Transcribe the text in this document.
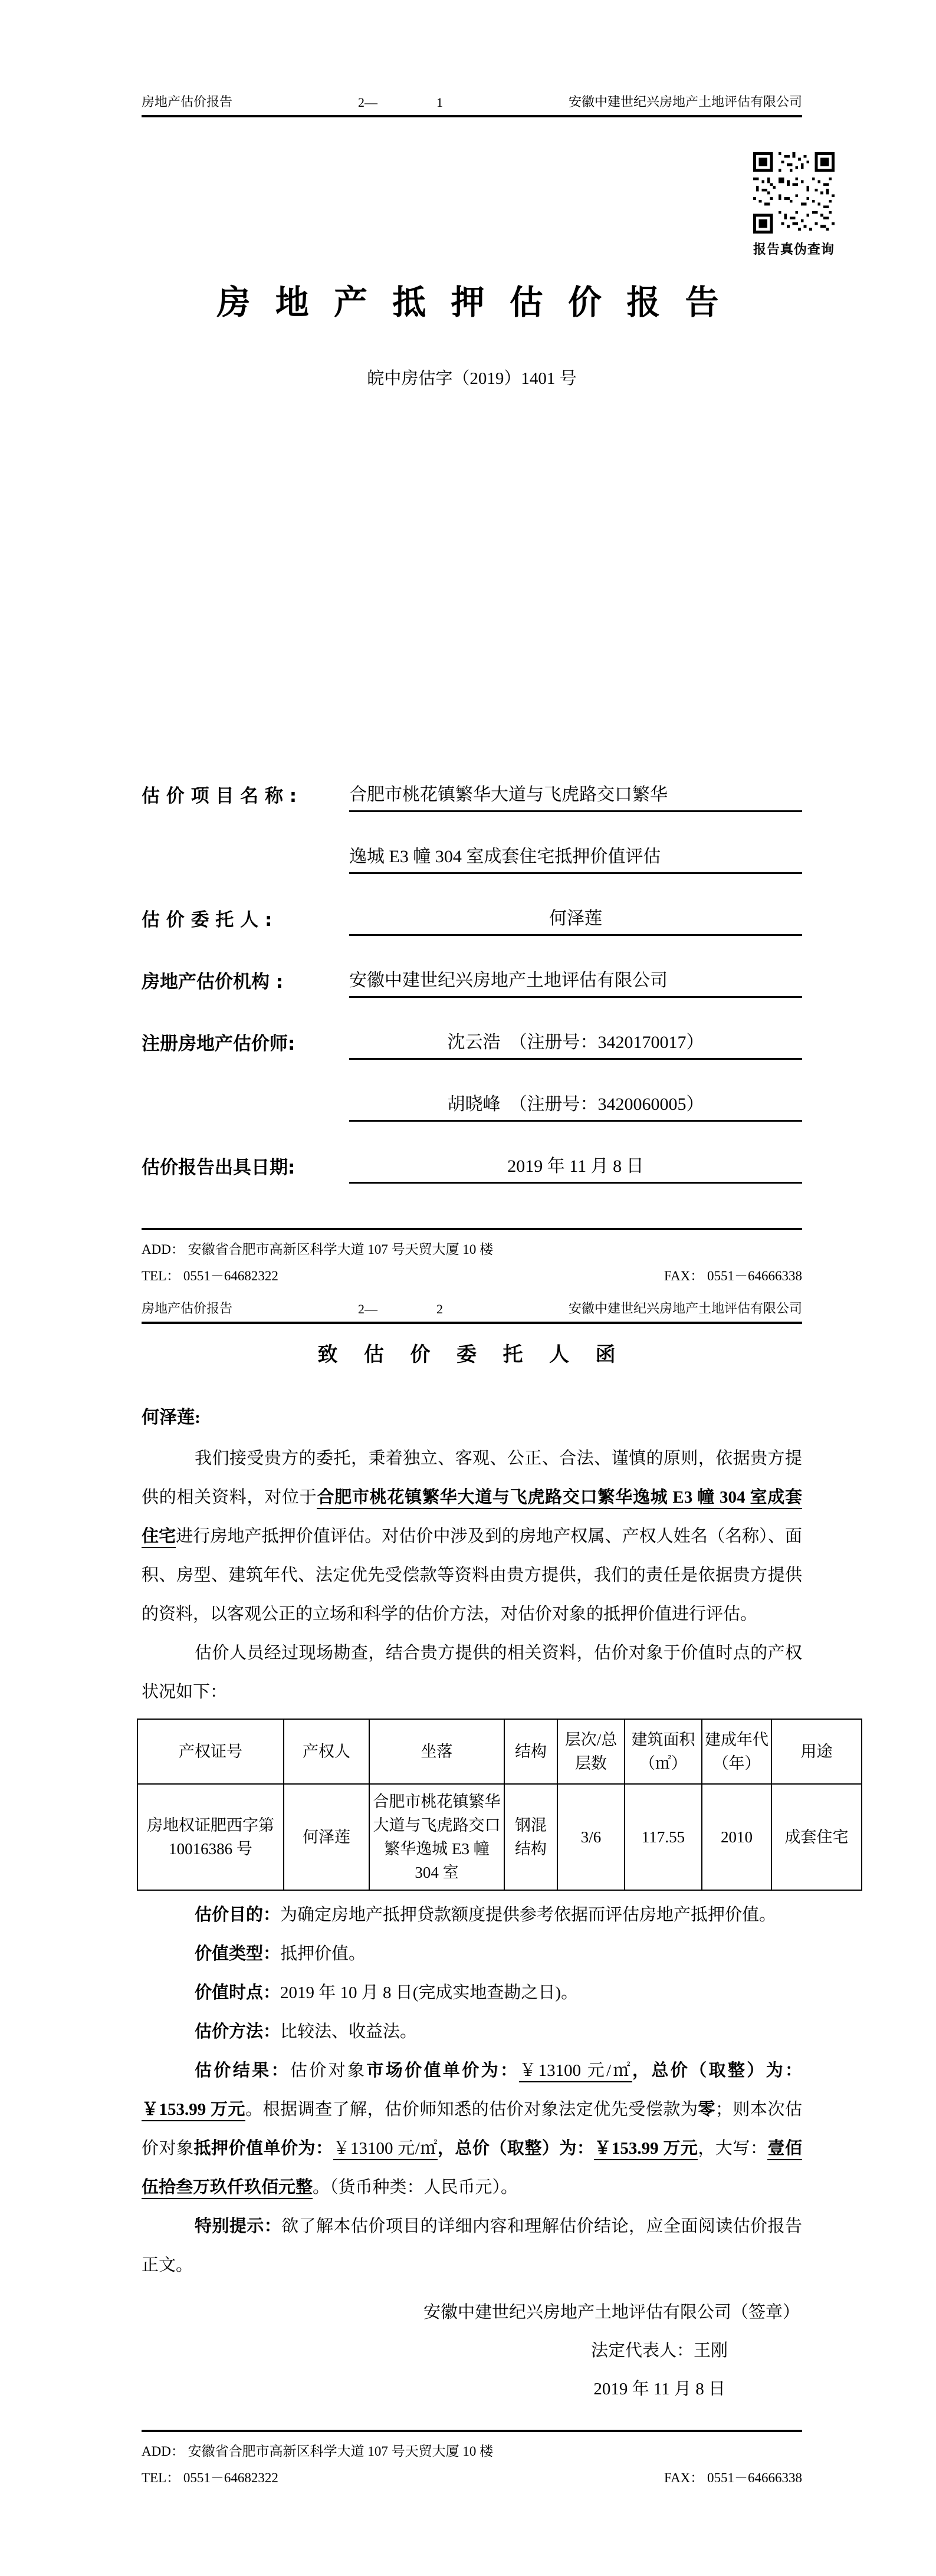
房地产估价报告	2—	1	安徽中建世纪兴房地产土地评估有限公司
报告真伪查询
房 地 产 抵 押 估 价 报 告
皖中房估字（2019）1401 号
估 价 项 目 名 称 :	合肥市桃花镇繁华大道与飞虎路交口繁华
逸城 E3 幢 304 室成套住宅抵押价值评估
估 价 委 托 人 :	何泽莲
房地产估价机构 :	安徽中建世纪兴房地产土地评估有限公司
注册房地产估价师:	沈云浩　（注册号：3420170017）
胡晓峰　（注册号：3420060005）
估价报告出具日期:	2019 年 11 月 8 日
ADD： 安徽省合肥市高新区科学大道 107 号天贸大厦 10 楼
TEL： 0551－64682322	FAX： 0551－64666338
房地产估价报告	2—	2	安徽中建世纪兴房地产土地评估有限公司
致 估 价 委 托 人 函
何泽莲:

我们接受贵方的委托，秉着独立、客观、公正、合法、谨慎的原则，依据贵方提供的相关资料，对位于合肥市桃花镇繁华大道与飞虎路交口繁华逸城 E3 幢 304 室成套住宅进行房地产抵押价值评估。对估价中涉及到的房地产权属、产权人姓名（名称）、面积、房型、建筑年代、法定优先受偿款等资料由贵方提供，我们的责任是依据贵方提供的资料，以客观公正的立场和科学的估价方法，对估价对象的抵押价值进行评估。

估价人员经过现场勘查，结合贵方提供的相关资料，估价对象于价值时点的产权状况如下：

产权证号	产权人	坐落	结构	层次/总层数	建筑面积（㎡）	建成年代（年）	用途
房地权证肥西字第 10016386 号	何泽莲	合肥市桃花镇繁华大道与飞虎路交口繁华逸城 E3 幢 304 室	钢混结构	3/6	117.55	2010	成套住宅

估价目的：为确定房地产抵押贷款额度提供参考依据而评估房地产抵押价值。

价值类型：抵押价值。

价值时点：2019 年 10 月 8 日(完成实地查勘之日)。

估价方法：比较法、收益法。

估价结果：估价对象市场价值单价为：￥13100 元/㎡，总价（取整）为：￥153.99 万元。根据调查了解，估价师知悉的估价对象法定优先受偿款为零；则本次估价对象抵押价值单价为：￥13100 元/㎡，总价（取整）为：￥153.99 万元，大写：壹佰伍拾叁万玖仟玖佰元整。（货币种类：人民币元）。

特别提示：欲了解本估价项目的详细内容和理解估价结论，应全面阅读估价报告正文。

安徽中建世纪兴房地产土地评估有限公司（签章）
法定代表人：王刚
2019 年 11 月 8 日
ADD： 安徽省合肥市高新区科学大道 107 号天贸大厦 10 楼
TEL： 0551－64682322	FAX： 0551－64666338
